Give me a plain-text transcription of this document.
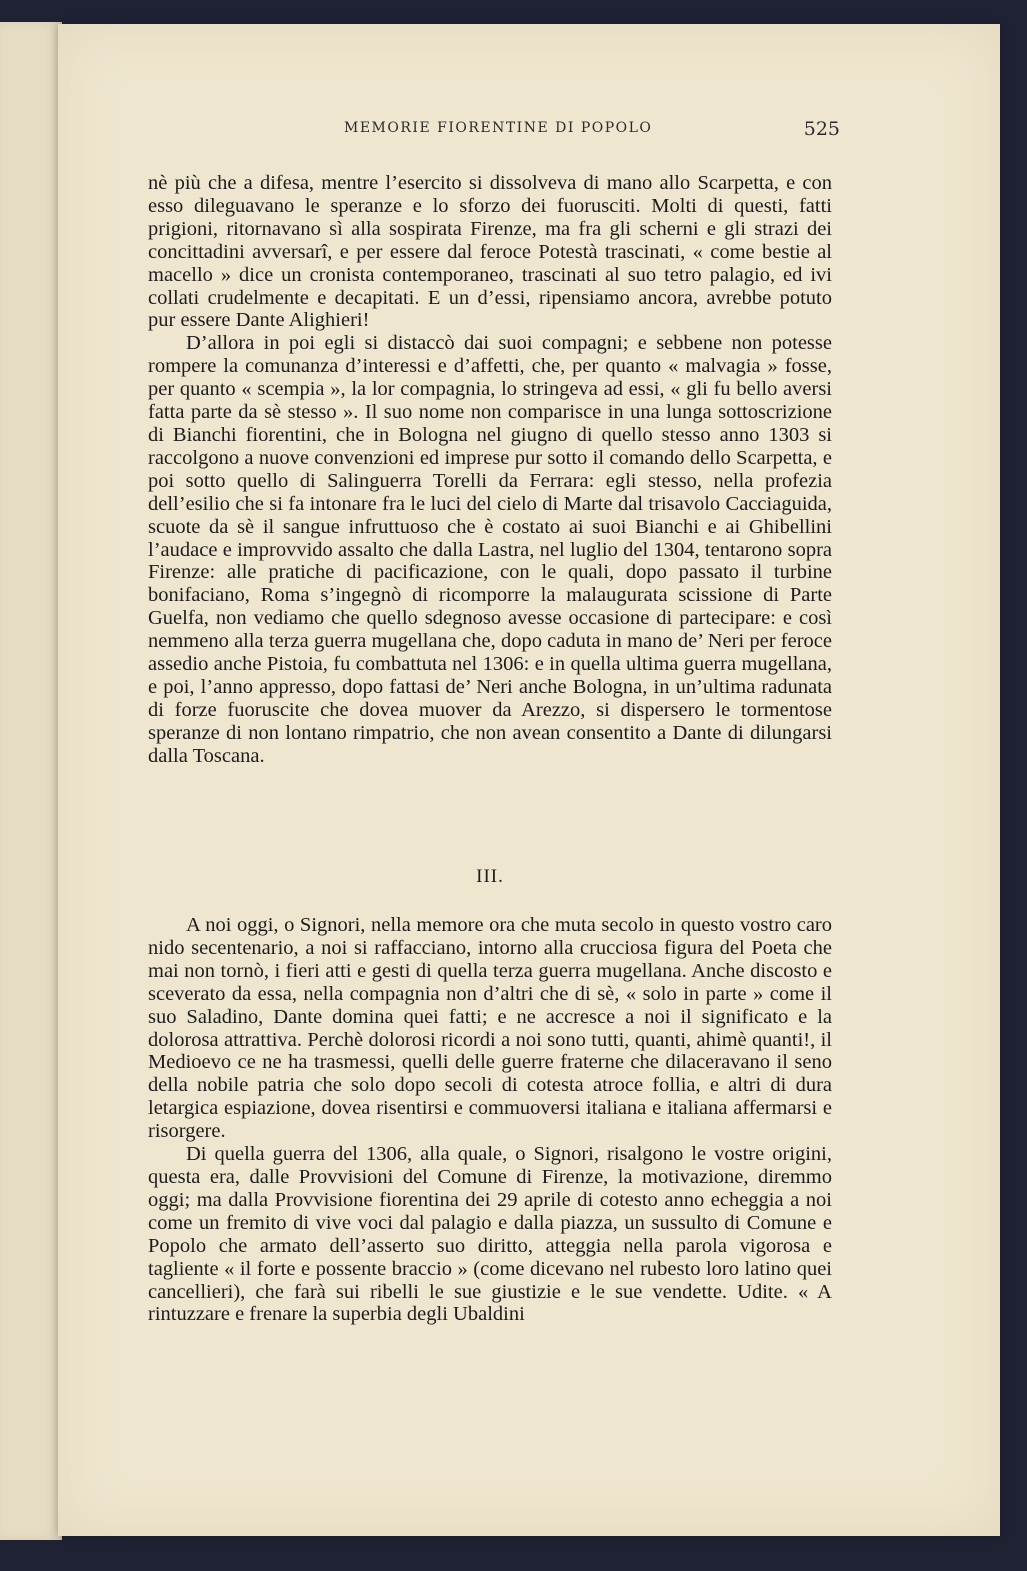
MEMORIE FIORENTINE DI POPOLO	525

nè più che a difesa, mentre l’esercito si dissolveva di mano allo Scarpetta, e con esso dileguavano le speranze e lo sforzo dei fuorusciti. Molti di questi, fatti prigioni, ritornavano sì alla sospirata Firenze, ma fra gli scherni e gli strazi dei concittadini avversarî, e per essere dal feroce Potestà trascinati, « come bestie al macello » dice un cronista contemporaneo, trascinati al suo tetro palagio, ed ivi collati crudelmente e decapitati. E un d’essi, ripensiamo ancora, avrebbe potuto pur essere Dante Alighieri!

D’allora in poi egli si distaccò dai suoi compagni; e sebbene non potesse rompere la comunanza d’interessi e d’affetti, che, per quanto « malvagia » fosse, per quanto « scempia », la lor compagnia, lo stringeva ad essi, « gli fu bello aversi fatta parte da sè stesso ». Il suo nome non comparisce in una lunga sottoscrizione di Bianchi fiorentini, che in Bologna nel giugno di quello stesso anno 1303 si raccolgono a nuove convenzioni ed imprese pur sotto il comando dello Scarpetta, e poi sotto quello di Salinguerra Torelli da Ferrara: egli stesso, nella profezia dell’esilio che si fa intonare fra le luci del cielo di Marte dal trisavolo Cacciaguida, scuote da sè il sangue infruttuoso che è costato ai suoi Bianchi e ai Ghibellini l’audace e improvvido assalto che dalla Lastra, nel luglio del 1304, tentarono sopra Firenze: alle pratiche di pacificazione, con le quali, dopo passato il turbine bonifaciano, Roma s’ingegnò di ricomporre la malaugurata scissione di Parte Guelfa, non vediamo che quello sdegnoso avesse occasione di partecipare: e così nemmeno alla terza guerra mugellana che, dopo caduta in mano de’ Neri per feroce assedio anche Pistoia, fu combattuta nel 1306: e in quella ultima guerra mugellana, e poi, l’anno appresso, dopo fattasi de’ Neri anche Bologna, in un’ultima radunata di forze fuoruscite che dovea muover da Arezzo, si dispersero le tormentose speranze di non lontano rimpatrio, che non avean consentito a Dante di dilungarsi dalla Toscana.

III.

A noi oggi, o Signori, nella memore ora che muta secolo in questo vostro caro nido secentenario, a noi si raffacciano, intorno alla crucciosa figura del Poeta che mai non tornò, i fieri atti e gesti di quella terza guerra mugellana. Anche discosto e sceverato da essa, nella compagnia non d’altri che di sè, « solo in parte » come il suo Saladino, Dante domina quei fatti; e ne accresce a noi il significato e la dolorosa attrattiva. Perchè dolorosi ricordi a noi sono tutti, quanti, ahimè quanti!, il Medioevo ce ne ha trasmessi, quelli delle guerre fraterne che dilaceravano il seno della nobile patria che solo dopo secoli di cotesta atroce follia, e altri di dura letargica espiazione, dovea risentirsi e commuoversi italiana e italiana affermarsi e risorgere.

Di quella guerra del 1306, alla quale, o Signori, risalgono le vostre origini, questa era, dalle Provvisioni del Comune di Firenze, la motivazione, diremmo oggi; ma dalla Provvisione fiorentina dei 29 aprile di cotesto anno echeggia a noi come un fremito di vive voci dal palagio e dalla piazza, un sussulto di Comune e Popolo che armato dell’asserto suo diritto, atteggia nella parola vigorosa e tagliente « il forte e possente braccio » (come dicevano nel rubesto loro latino quei cancellieri), che farà sui ribelli le sue giustizie e le sue vendette. Udite. « A rintuzzare e frenare la superbia degli Ubaldini
